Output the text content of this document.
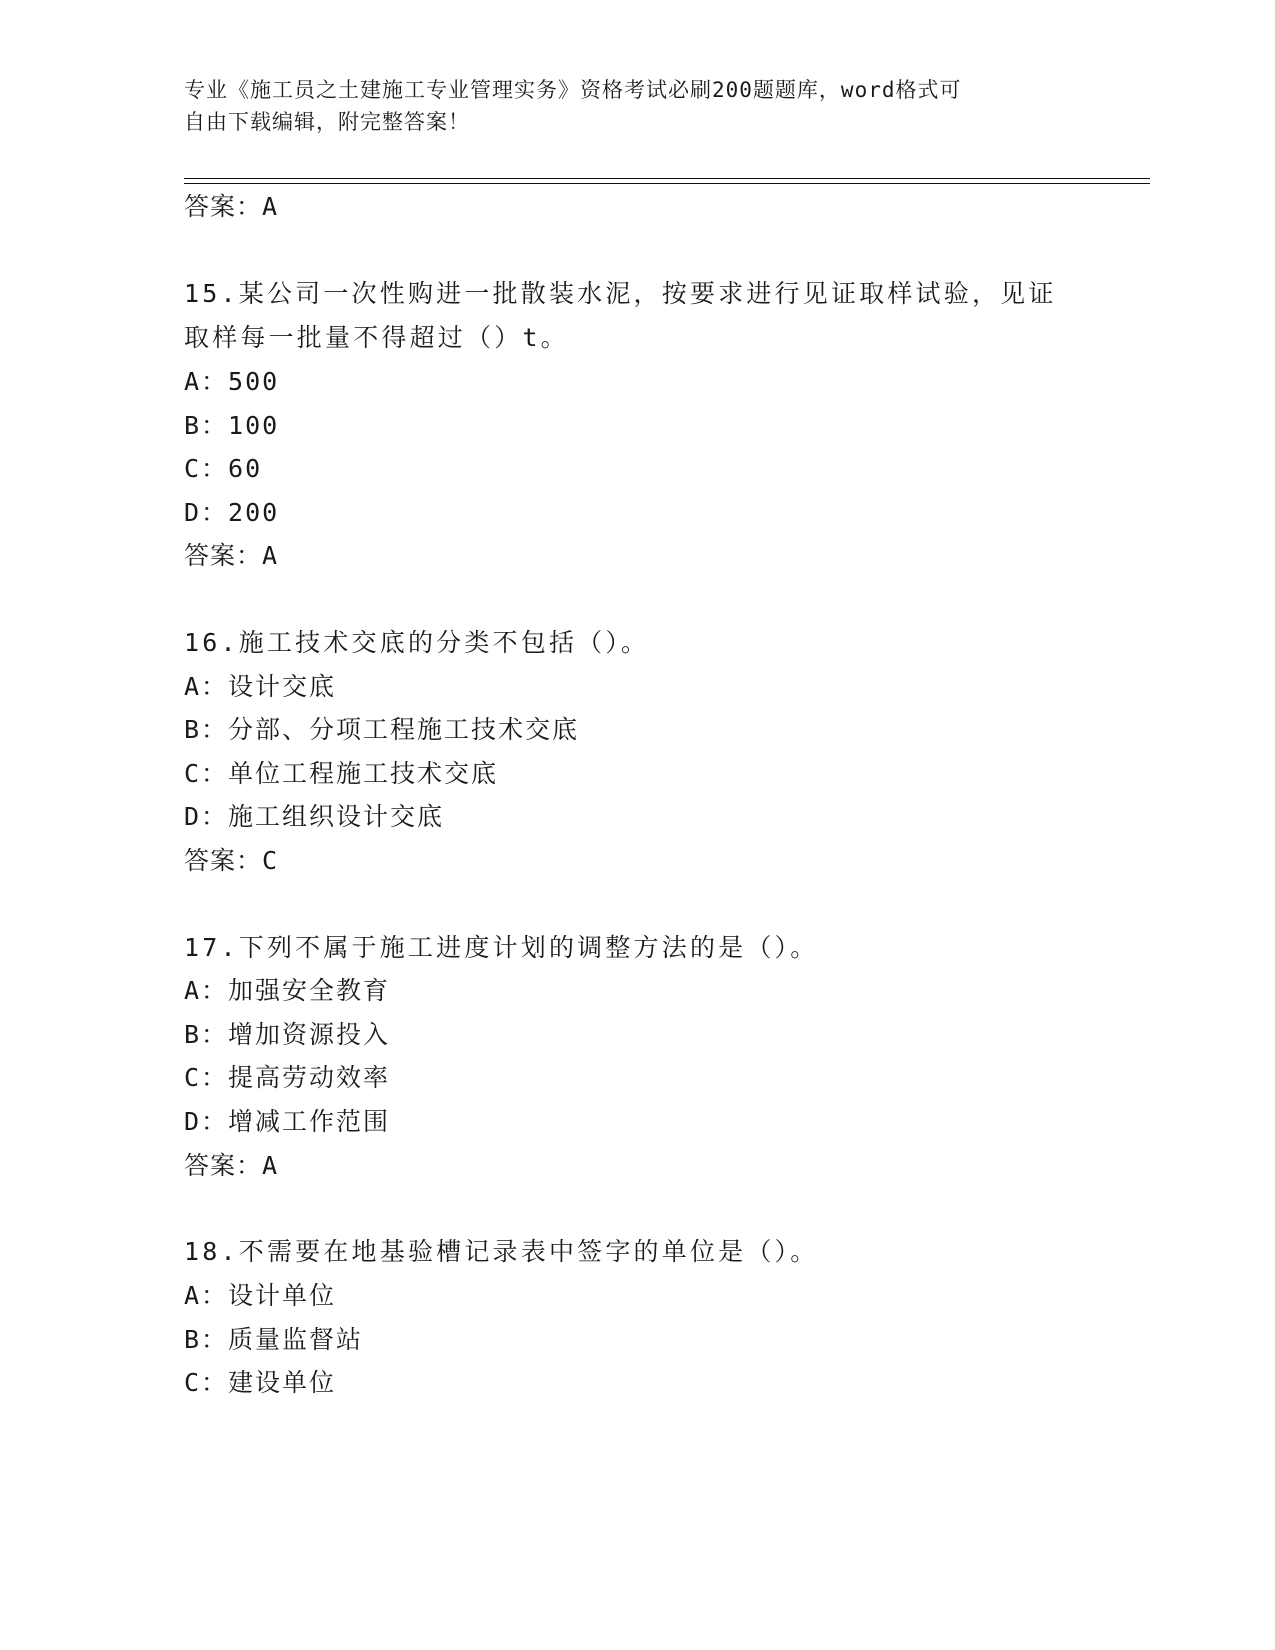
专业《施工员之土建施工专业管理实务》资格考试必刷200题题库，word格式可
自由下载编辑，附完整答案！
答案：A
15.某公司一次性购进一批散装水泥，按要求进行见证取样试验，见证
取样每一批量不得超过（）t。
A：500
B：100
C：60
D：200
答案：A
16.施工技术交底的分类不包括（）。
A：设计交底
B：分部、分项工程施工技术交底
C：单位工程施工技术交底
D：施工组织设计交底
答案：C
17.下列不属于施工进度计划的调整方法的是（）。
A：加强安全教育
B：增加资源投入
C：提高劳动效率
D：增减工作范围
答案：A
18.不需要在地基验槽记录表中签字的单位是（）。
A：设计单位
B：质量监督站
C：建设单位
